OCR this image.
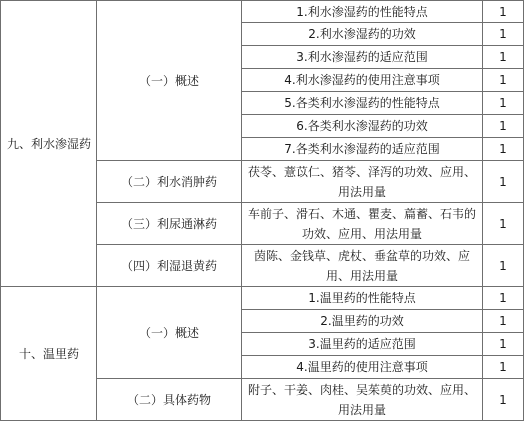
九、利水渗湿药	（一）概述	1.利水渗湿药的性能特点	1
		2.利水渗湿药的功效	1
		3.利水渗湿药的适应范围	1
		4.利水渗湿药的使用注意事项	1
		5.各类利水渗湿药的性能特点	1
		6.各类利水渗湿药的功效	1
		7.各类利水渗湿药的适应范围	1
	（二）利水消肿药	茯苓、薏苡仁、猪苓、泽泻的功效、应用、用法用量	1
	（三）利尿通淋药	车前子、滑石、木通、瞿麦、萹蓄、石韦的功效、应用、用法用量	1
	（四）利湿退黄药	茵陈、金钱草、虎杖、垂盆草的功效、应用、用法用量	1

十、温里药	（一）概述	1.温里药的性能特点	1
		2.温里药的功效	1
		3.温里药的适应范围	1
		4.温里药的使用注意事项	1
	（二）具体药物	附子、干姜、肉桂、吴茱萸的功效、应用、用法用量	1
